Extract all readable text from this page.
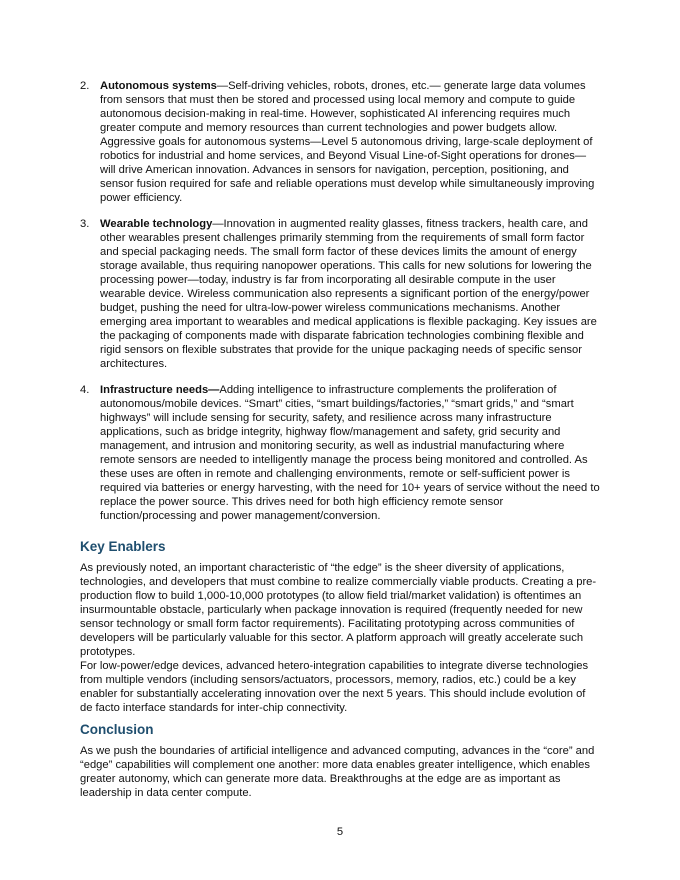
2. Autonomous systems—Self-driving vehicles, robots, drones, etc.— generate large data volumes from sensors that must then be stored and processed using local memory and compute to guide autonomous decision-making in real-time. However, sophisticated AI inferencing requires much greater compute and memory resources than current technologies and power budgets allow. Aggressive goals for autonomous systems—Level 5 autonomous driving, large-scale deployment of robotics for industrial and home services, and Beyond Visual Line-of-Sight operations for drones—will drive American innovation. Advances in sensors for navigation, perception, positioning, and sensor fusion required for safe and reliable operations must develop while simultaneously improving power efficiency.
3. Wearable technology—Innovation in augmented reality glasses, fitness trackers, health care, and other wearables present challenges primarily stemming from the requirements of small form factor and special packaging needs. The small form factor of these devices limits the amount of energy storage available, thus requiring nanopower operations. This calls for new solutions for lowering the processing power—today, industry is far from incorporating all desirable compute in the user wearable device. Wireless communication also represents a significant portion of the energy/power budget, pushing the need for ultra-low-power wireless communications mechanisms. Another emerging area important to wearables and medical applications is flexible packaging. Key issues are the packaging of components made with disparate fabrication technologies combining flexible and rigid sensors on flexible substrates that provide for the unique packaging needs of specific sensor architectures.
4. Infrastructure needs—Adding intelligence to infrastructure complements the proliferation of autonomous/mobile devices. “Smart” cities, “smart buildings/factories,” “smart grids,” and “smart highways” will include sensing for security, safety, and resilience across many infrastructure applications, such as bridge integrity, highway flow/management and safety, grid security and management, and intrusion and monitoring security, as well as industrial manufacturing where remote sensors are needed to intelligently manage the process being monitored and controlled. As these uses are often in remote and challenging environments, remote or self-sufficient power is required via batteries or energy harvesting, with the need for 10+ years of service without the need to replace the power source. This drives need for both high efficiency remote sensor function/processing and power management/conversion.
Key Enablers

As previously noted, an important characteristic of “the edge” is the sheer diversity of applications, technologies, and developers that must combine to realize commercially viable products. Creating a pre-production flow to build 1,000-10,000 prototypes (to allow field trial/market validation) is oftentimes an insurmountable obstacle, particularly when package innovation is required (frequently needed for new sensor technology or small form factor requirements). Facilitating prototyping across communities of developers will be particularly valuable for this sector. A platform approach will greatly accelerate such prototypes.

For low-power/edge devices, advanced hetero-integration capabilities to integrate diverse technologies from multiple vendors (including sensors/actuators, processors, memory, radios, etc.) could be a key enabler for substantially accelerating innovation over the next 5 years. This should include evolution of de facto interface standards for inter-chip connectivity.

Conclusion

As we push the boundaries of artificial intelligence and advanced computing, advances in the “core” and “edge” capabilities will complement one another: more data enables greater intelligence, which enables greater autonomy, which can generate more data. Breakthroughs at the edge are as important as leadership in data center compute.

5
